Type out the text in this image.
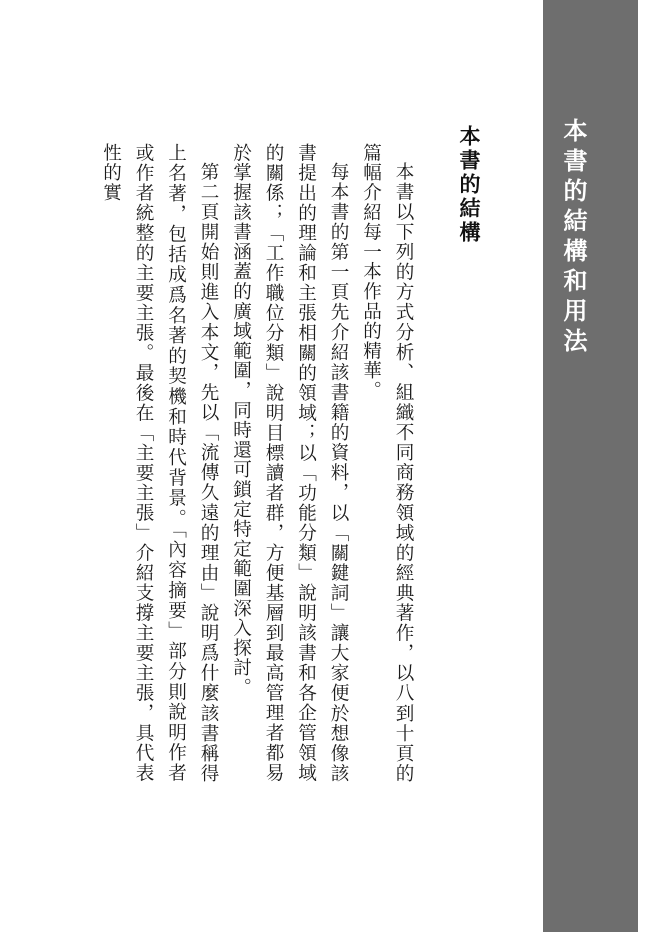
本書的結構和用法
本書的結構

本書以下列的方式分析、組織不同商務領域的經典著作，以八到十頁的篇幅介紹每一本作品的精華。

每本書的第一頁先介紹該書籍的資料，以「關鍵詞」讓大家便於想像該書提出的理論和主張相關的領域；以「功能分類」說明該書和各企管領域的關係；「工作職位分類」說明目標讀者群，方便基層到最高管理者都易於掌握該書涵蓋的廣域範圍，同時還可鎖定特定範圍深入探討。

第二頁開始則進入本文，先以「流傳久遠的理由」說明爲什麼該書稱得上名著，包括成爲名著的契機和時代背景。「內容摘要」部分則說明作者或作者統整的主要主張。最後在「主要主張」介紹支撐主要主張，具代表性的實
